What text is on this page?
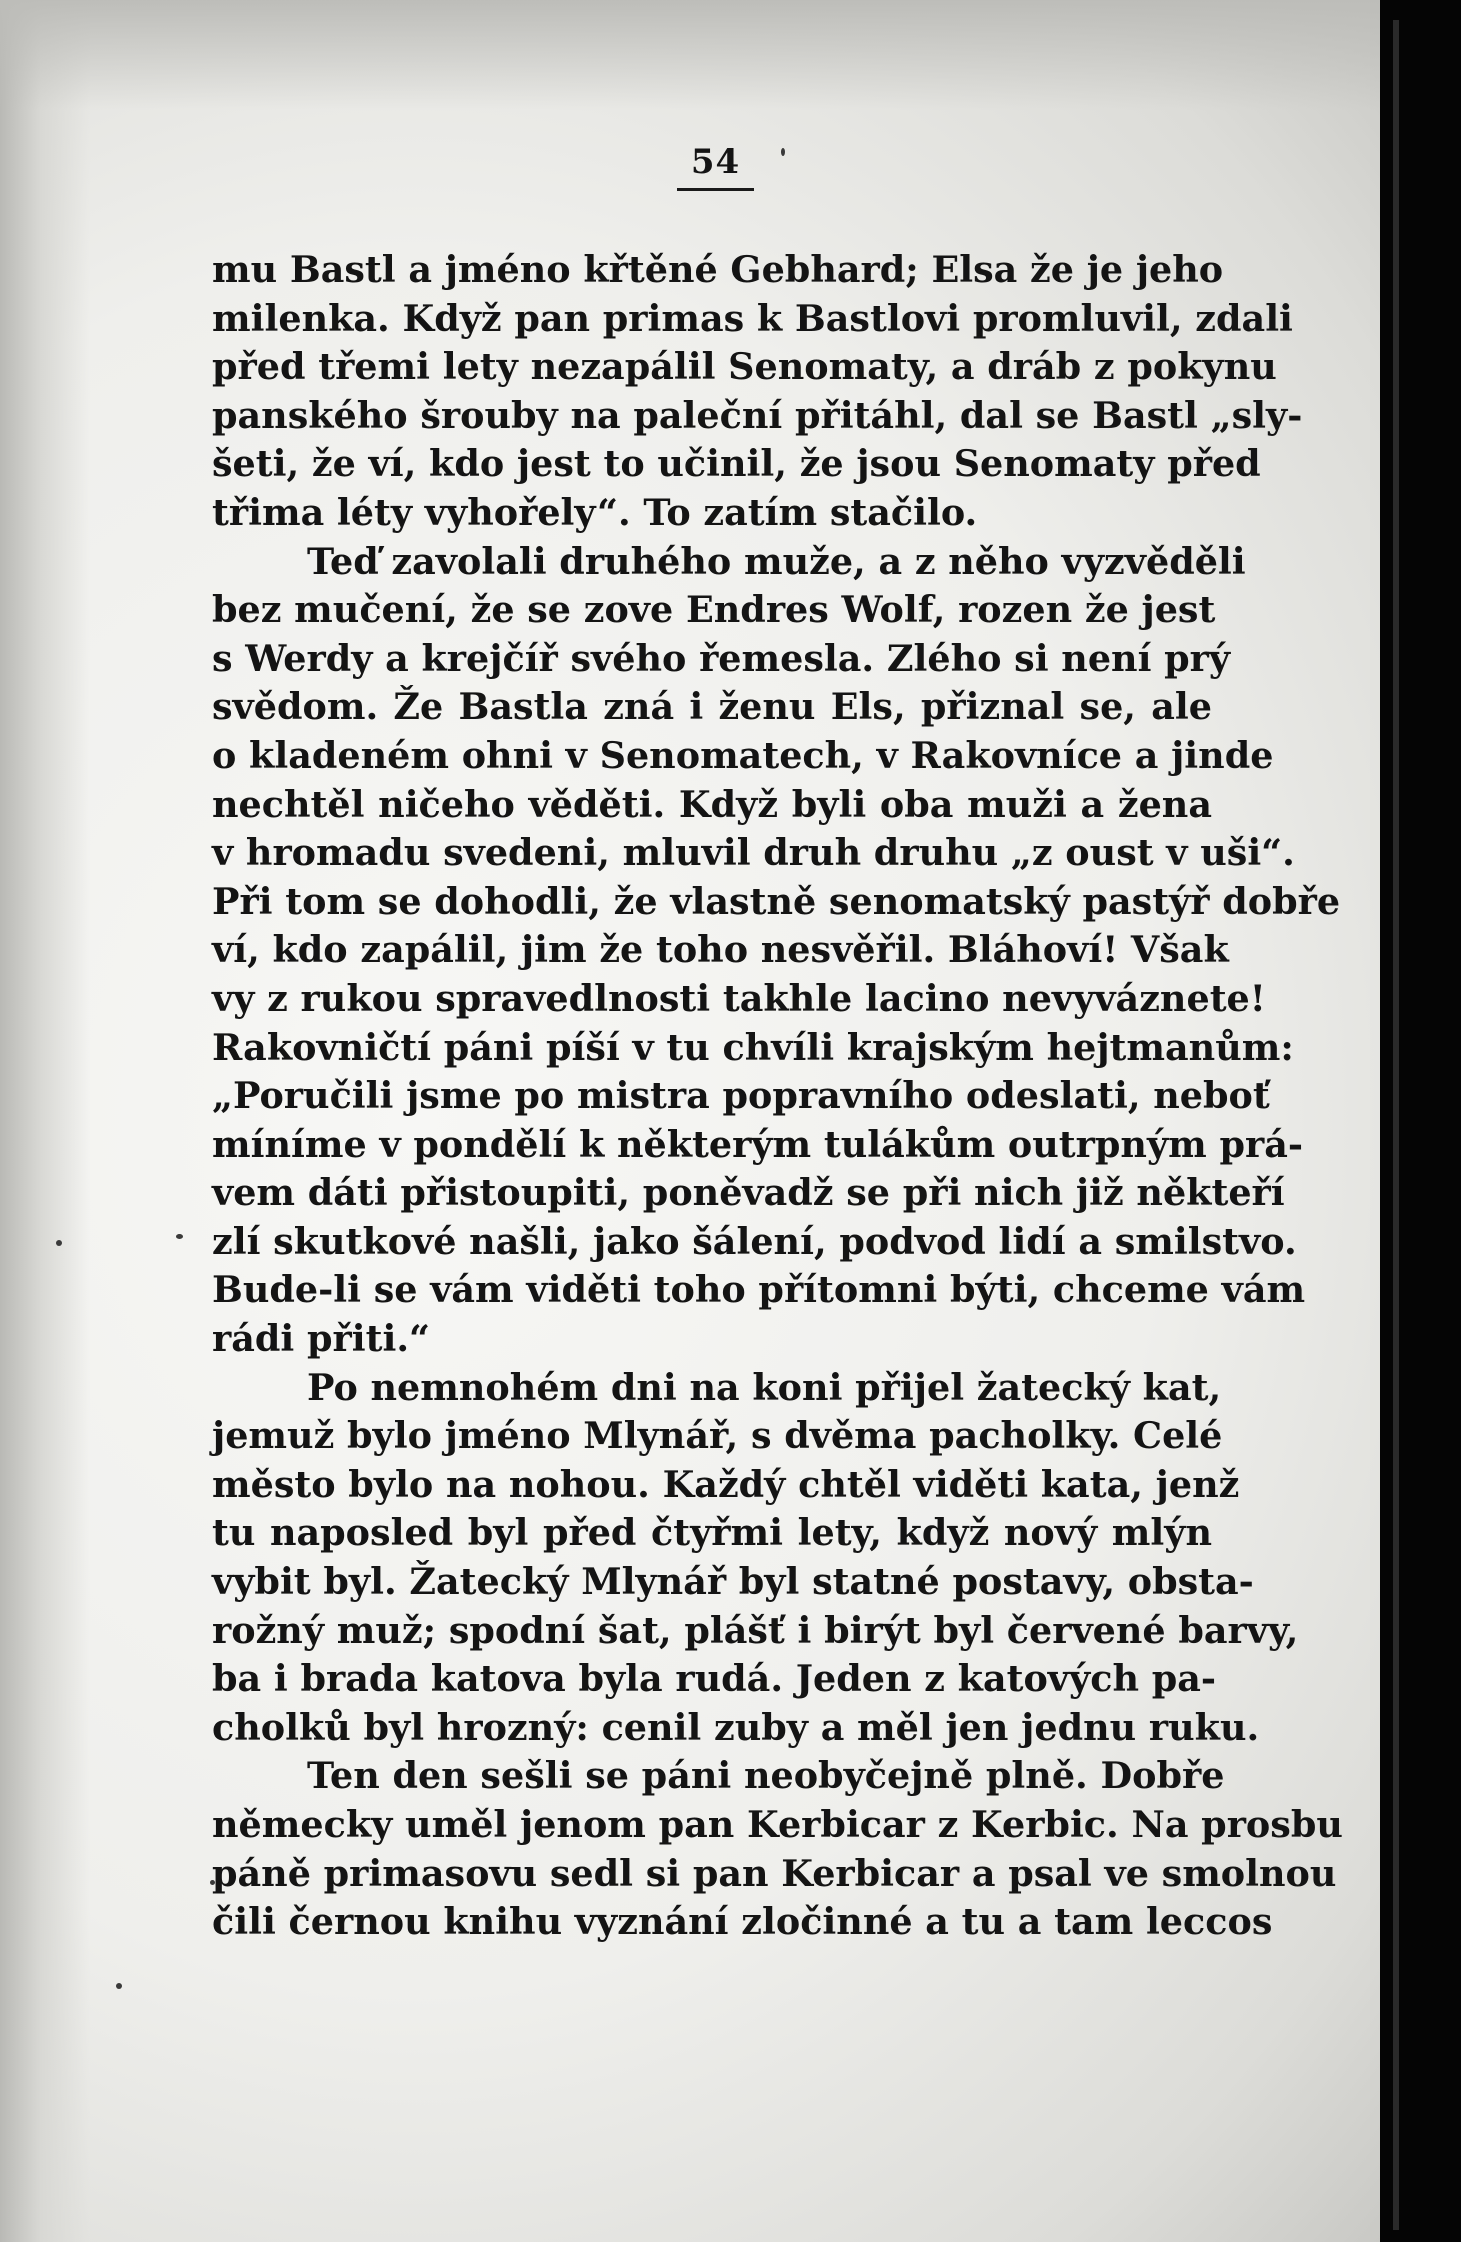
54
mu Bastl a jméno křtěné Gebhard; Elsa že je jeho
milenka. Když pan primas k Bastlovi promluvil, zdali
před třemi lety nezapálil Senomaty, a dráb z pokynu
panského šrouby na paleční přitáhl, dal se Bastl „sly-
šeti, že ví, kdo jest to učinil, že jsou Senomaty před
třima léty vyhořely“. To zatím stačilo.
Teď zavolali druhého muže, a z něho vyzvěděli
bez mučení, že se zove Endres Wolf, rozen že jest
s Werdy a krejčíř svého řemesla. Zlého si není prý
svědom. Že Bastla zná i ženu Els, přiznal se, ale
o kladeném ohni v Senomatech, v Rakovníce a jinde
nechtěl ničeho věděti. Když byli oba muži a žena
v hromadu svedeni, mluvil druh druhu „z oust v uši“.
Při tom se dohodli, že vlastně senomatský pastýř dobře
ví, kdo zapálil, jim že toho nesvěřil. Bláhoví! Však
vy z rukou spravedlnosti takhle lacino nevyváznete!
Rakovničtí páni píší v tu chvíli krajským hejtmanům:
„Poručili jsme po mistra popravního odeslati, neboť
míníme v pondělí k některým tulákům outrpným prá-
vem dáti přistoupiti, poněvadž se při nich již někteří
zlí skutkové našli, jako šálení, podvod lidí a smilstvo.
Bude-li se vám viděti toho přítomni býti, chceme vám
rádi přiti.“
Po nemnohém dni na koni přijel žatecký kat,
jemuž bylo jméno Mlynář, s dvěma pacholky. Celé
město bylo na nohou. Každý chtěl viděti kata, jenž
tu naposled byl před čtyřmi lety, když nový mlýn
vybit byl. Žatecký Mlynář byl statné postavy, obsta-
rožný muž; spodní šat, plášť i birýt byl červené barvy,
ba i brada katova byla rudá. Jeden z katových pa-
cholků byl hrozný: cenil zuby a měl jen jednu ruku.
Ten den sešli se páni neobyčejně plně. Dobře
německy uměl jenom pan Kerbicar z Kerbic. Na prosbu
páně primasovu sedl si pan Kerbicar a psal ve smolnou
čili černou knihu vyznání zločinné a tu a tam leccos
